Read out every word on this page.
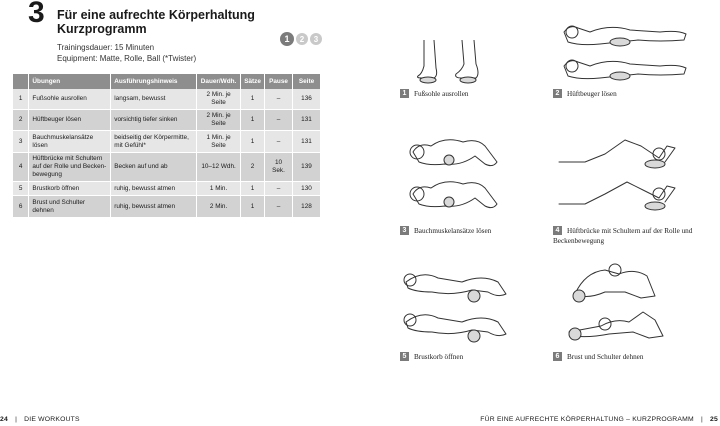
3 Für eine aufrechte Körperhaltung Kurzprogramm
Trainingsdauer: 15 Minuten
Equipment: Matte, Rolle, Ball (*Twister)
1	2	3
	Übungen	Ausführungshinweis	Dauer/Wdh.	Sätze	Pause	Seite
1	Fußsohle ausrollen	langsam, bewusst	2 Min. je Seite	1	–	136
2	Hüftbeuger lösen	vorsichtig tiefer sinken	2 Min. je Seite	1	–	131
3	Bauchmuskelansätze lösen	beidseitig der Körpermitte, mit Gefühl*	1 Min. je Seite	1	–	131
4	Hüftbrücke mit Schultern auf der Rolle und Becken-bewegung	Becken auf und ab	10–12 Wdh.	2	10 Sek.	139
5	Brustkorb öffnen	ruhig, bewusst atmen	1 Min.	1	–	130
6	Brust und Schulter dehnen	ruhig, bewusst atmen	2 Min.	1	–	128
24 | DIE WORKOUTS
1 Fußsohle ausrollen	2 Hüftbeuger lösen
3 Bauchmuskelansätze lösen	4 Hüftbrücke mit Schultern auf der Rolle und Beckenbewegung
5 Brustkorb öffnen	6 Brust und Schulter dehnen
FÜR EINE AUFRECHTE KÖRPERHALTUNG – KURZPROGRAMM | 25
